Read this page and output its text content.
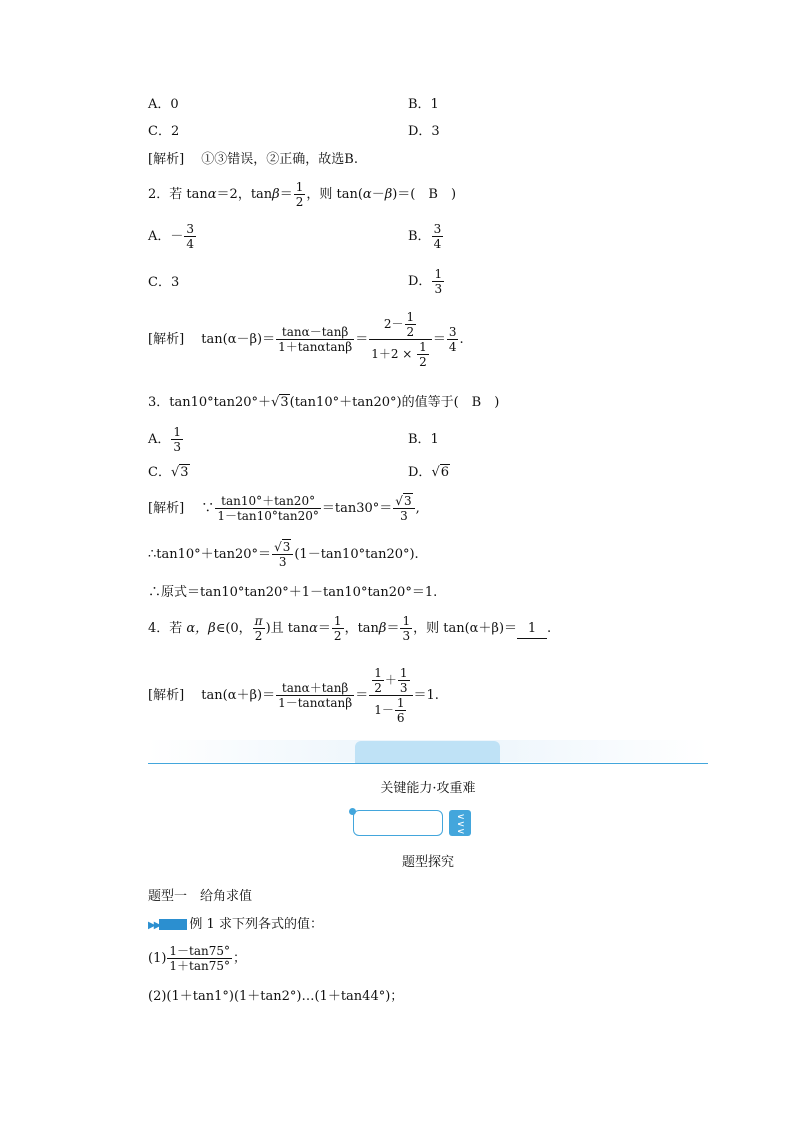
A．0	B．1
C．2	D．3
[解析]　 ①③错误，②正确，故选B.
2．若 tanα＝2，$\tan\beta= \frac{1}{2}$ ，则 tan(α－β)＝(　B　)
A．－ $\frac{3}{4}$	B． $\frac{3}{4}$
C．3	D． $\frac{1}{3}$
[解析]　 $\tan(\alpha-\beta)= \frac{\tan\alpha-\tan\beta}{1+\tan\alpha\tan\beta} = \frac{2- \frac{1}{2}}{1+2 \times \frac{1}{2}} = \frac{3}{4}$ .
3．tan10°tan20°＋√3(tan10°＋tan20°)的值等于(　B　)
A． $\frac{1}{3}$	B．1
C．√3	D．√6
[解析]　 ∵ $\frac{\tan 10^\circ+\tan 20^\circ}{1-\tan 10^\circ\tan 20^\circ} =\tan 30^\circ= \frac{√3}{3}$ ,
∴tan10°＋tan20°＝ $\frac{√3}{3} (1-\tan 10^\circ\tan 20^\circ)$.
∴原式＝tan10°tan20°＋1－tan10°tan20°＝1.
4．若 α，β∈(0， $\frac{\pi}{2}$ )且 $\tan\alpha= \frac{1}{2}$ ，$\tan\beta= \frac{1}{3}$ ，则 tan(α＋β)＝ 1 .
[解析]　 $\tan(\alpha+\beta)= \frac{\tan\alpha+\tan\beta}{1-\tan\alpha\tan\beta} = \frac{\frac{1}{2} + \frac{1}{3}}{1- \frac{1}{6}} =1$.
关键能力·攻重难
∨∨∨
题型探究
题型一　给角求值
▶▶ 例 1 求下列各式的值：
$(1) \frac{1-\tan 75^\circ}{1+\tan 75^\circ}$ ；
(2)(1＋tan1°)(1＋tan2°)…(1＋tan44°)；
